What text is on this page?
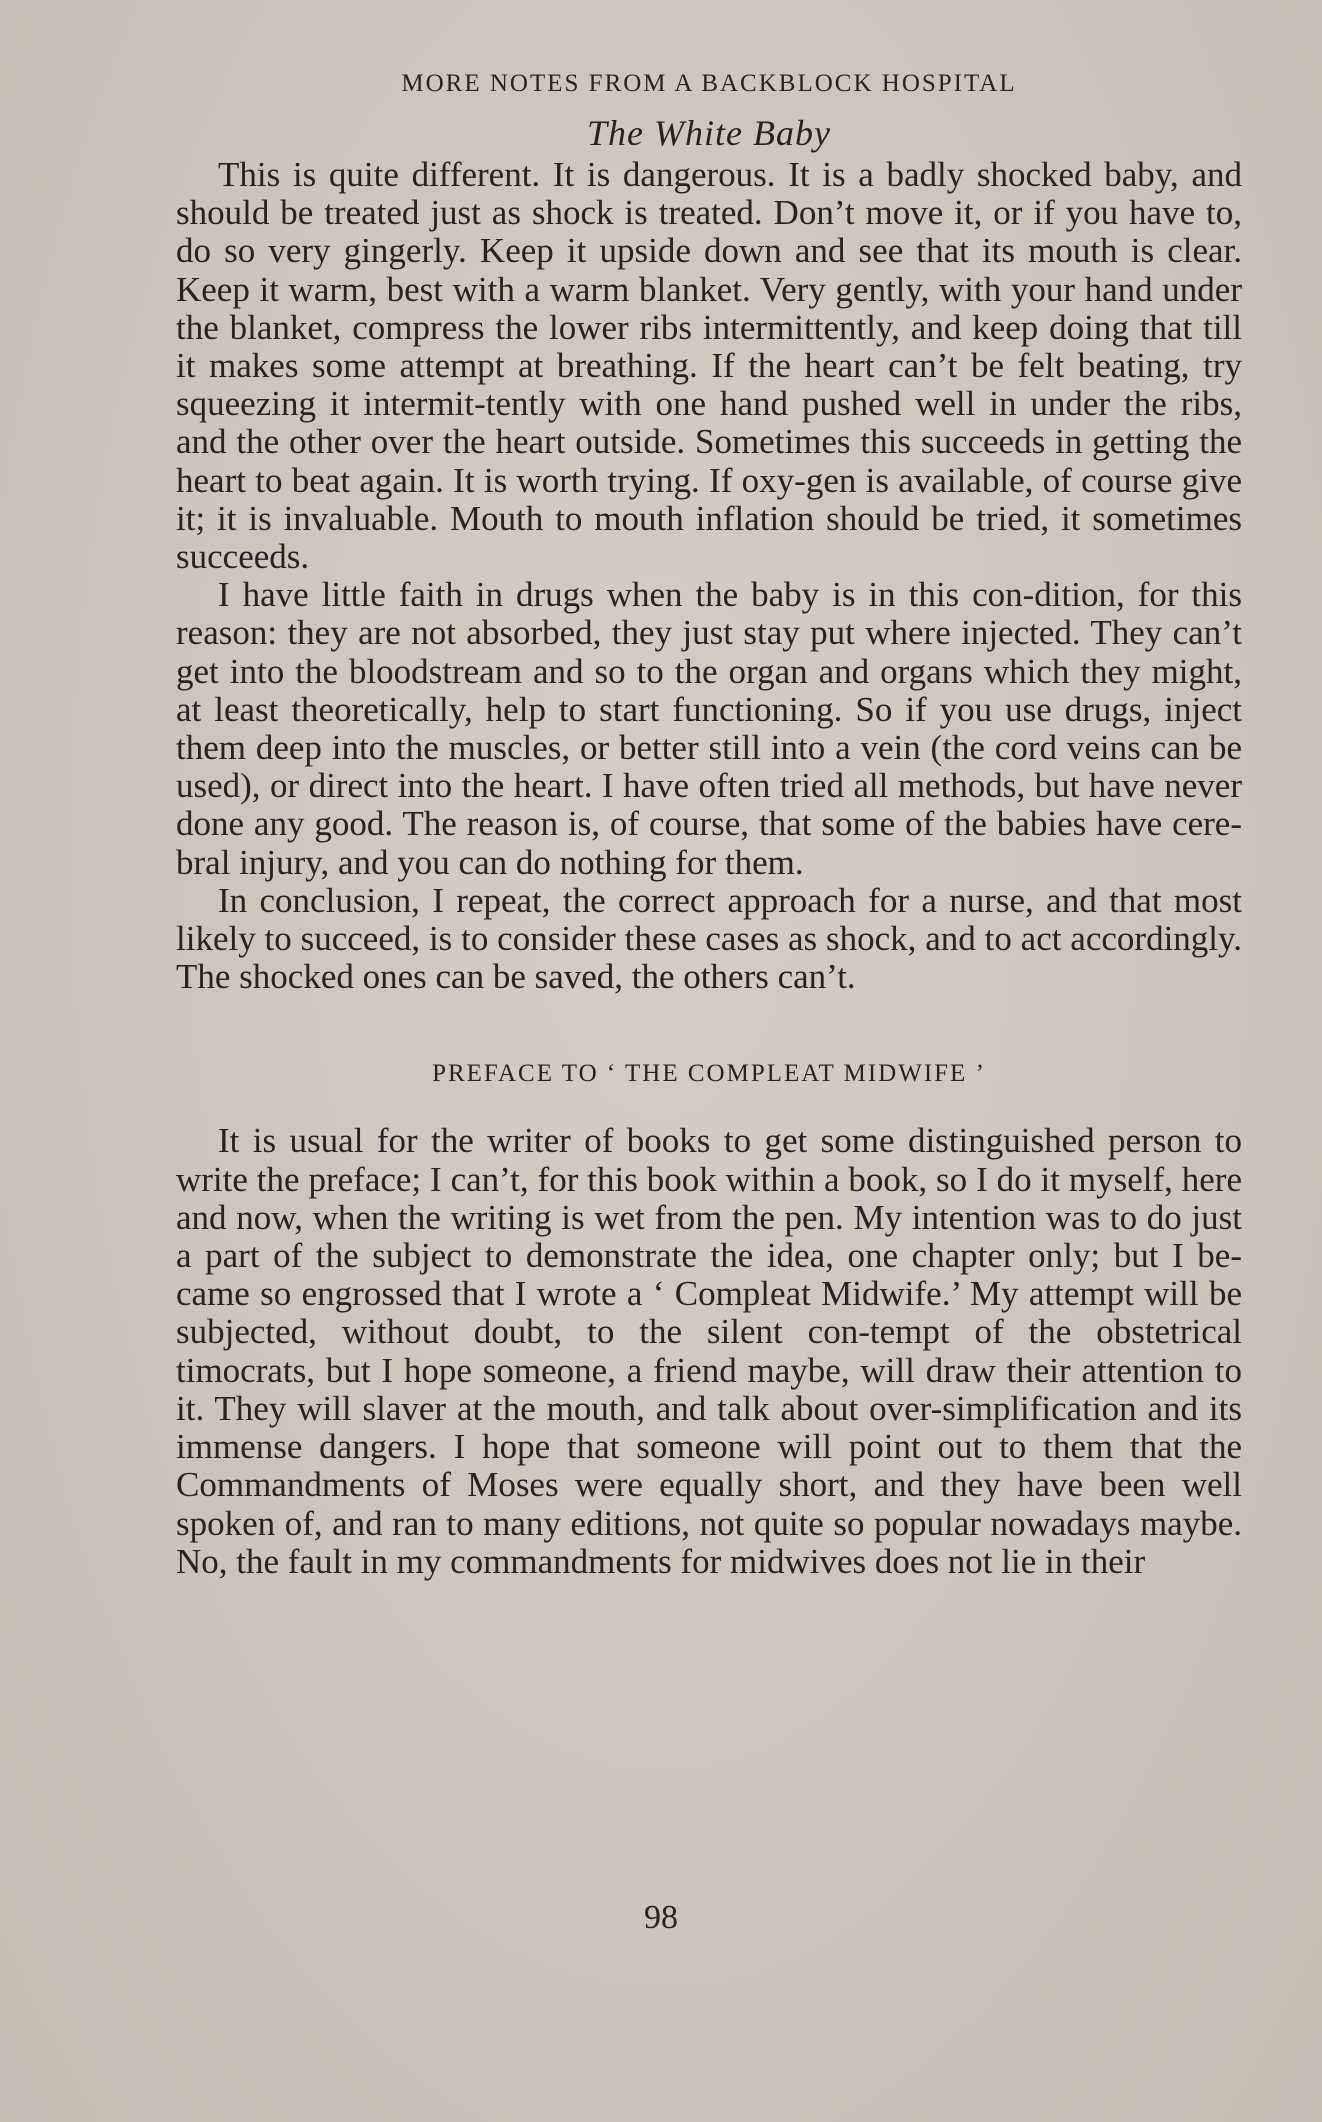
MORE NOTES FROM A BACKBLOCK HOSPITAL
The White Baby

This is quite different. It is dangerous. It is a badly shocked baby, and should be treated just as shock is treated. Don’t move it, or if you have to, do so very gingerly. Keep it upside down and see that its mouth is clear. Keep it warm, best with a warm blanket. Very gently, with your hand under the blanket, compress the lower ribs intermittently, and keep doing that till it makes some attempt at breathing. If the heart can’t be felt beating, try squeezing it intermit-tently with one hand pushed well in under the ribs, and the other over the heart outside. Sometimes this succeeds in getting the heart to beat again. It is worth trying. If oxy-gen is available, of course give it; it is invaluable. Mouth to mouth inflation should be tried, it sometimes succeeds.

I have little faith in drugs when the baby is in this con-dition, for this reason: they are not absorbed, they just stay put where injected. They can’t get into the bloodstream and so to the organ and organs which they might, at least theoretically, help to start functioning. So if you use drugs, inject them deep into the muscles, or better still into a vein (the cord veins can be used), or direct into the heart. I have often tried all methods, but have never done any good. The reason is, of course, that some of the babies have cere-bral injury, and you can do nothing for them.

In conclusion, I repeat, the correct approach for a nurse, and that most likely to succeed, is to consider these cases as shock, and to act accordingly. The shocked ones can be saved, the others can’t.

PREFACE TO ‘ THE COMPLEAT MIDWIFE ’

It is usual for the writer of books to get some distinguished person to write the preface; I can’t, for this book within a book, so I do it myself, here and now, when the writing is wet from the pen. My intention was to do just a part of the subject to demonstrate the idea, one chapter only; but I be-came so engrossed that I wrote a ‘ Compleat Midwife.’ My attempt will be subjected, without doubt, to the silent con-tempt of the obstetrical timocrats, but I hope someone, a friend maybe, will draw their attention to it. They will slaver at the mouth, and talk about over-simplification and its immense dangers. I hope that someone will point out to them that the Commandments of Moses were equally short, and they have been well spoken of, and ran to many editions, not quite so popular nowadays maybe. No, the fault in my commandments for midwives does not lie in their

98
